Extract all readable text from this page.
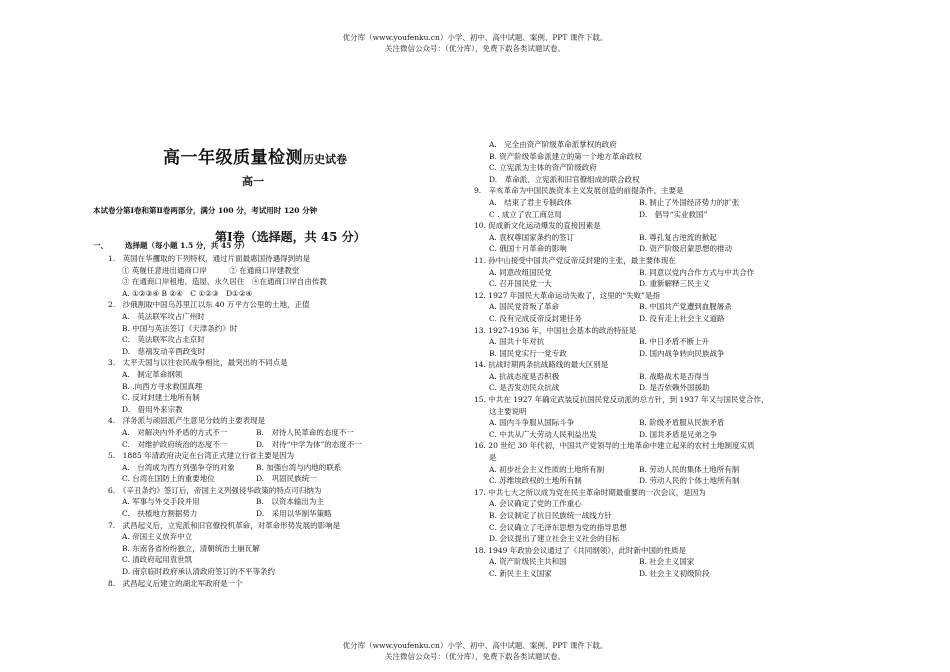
优分库（www.youfenku.cn）小学、初中、高中试题、案例、PPT 课件下载。
关注微信公众号：（优分库），免费下载各类试题试卷。
高一年级质量检测历史试卷
高一
本试卷分第Ⅰ卷和第Ⅱ卷两部分，满分 100 分，考试用时 120 分钟
第Ⅰ卷（选择题，共 45 分）
一、 选择题（每小题 1.5 分，共 45 分）
1.　英国在华攫取的下列特权，通过片面最惠国待遇得到的是
① 英舰任意进出通商口岸　　　② 在通商口岸建教堂
③ 在通商口岸租地、造屋、永久居住　④在通商口岸自由传教
A. ①②③④ B ②④　C ①②③　D①②④
2.　沙俄割取中国乌苏里江以东 40 万平方公里的土地，正值
A.　英法联军攻占广州时
B. 中国与英法签订《天津条约》时
C.　英法联军攻占北京时
D.　慈禧发动辛酉政变时
3.　太平天国与以往农民战争相比，最突出的不同点是
A.　制定革命纲领
B. .向西方寻求救国真理
C. 反对封建土地所有制
D.　借用外来宗教
4.　洋务派与顽固派产生意见分歧的主要表现是
A.　对解决内外矛盾的方式不一	B.　对待人民革命的态度不一
C.　对维护政府统治的态度不一	D.　对待“中学为体”的态度不一
5.　1885 年清政府决定在台湾正式建立行省主要是因为
A.　台湾成为西方列强争夺的对象	B. 加强台湾与内地的联系
C. 台湾在国防上的重要地位	D.　巩固民族统一
6.　《辛丑条约》签订后，帝国主义列强侵华政策的特点可归纳为
A. 军事与外交手段并用	B.　以资本输出为主
C.　扶植地方割据势力	D.　采用以华制华策略
7.　武昌起义后，立宪派和旧官僚投机革命，对革命形势发展的影响是
A. 帝国主义放弃中立
B. 东南各省纷纷独立，清朝统治土崩瓦解
C. 清政府起用袁世凯
D. 南京临时政府承认清政府签订的不平等条约
8.　武昌起义后建立的湖北军政府是一个
A.　完全由资产阶级革命派掌权的政府
B. 资产阶级革命派建立的第一个地方革命政权
C. 立宪派为主体的资产阶级政府
D.　革命派、立宪派和旧官僚组成的联合政权
9.　辛亥革命为中国民族资本主义发展创造的前提条件，主要是
A.　结束了君主专制政体	B. 制止了外国经济势力的扩张
C . 成立了农工商总局	D.　倡导“实业救国”
10. 促成新文化运动爆发的直接因素是
A. 袁权尊国家条约的签订	B. 尊孔复古逆流的掀起
C. 俄国十月革命的影响	D. 资产阶级启蒙思想的推动
11. 孙中山接受中国共产党反帝反封建的主张，最主要体现在
A. 同意改组国民党	B. 同意以党内合作方式与中共合作
C. 召开国民党一大	D. 重新解释三民主义
12. 1927 年国民大革命运动失败了，这里的“失败”是指
A. 国民党背叛了革命	B. 中国共产党遭到血腥屠杀
C. 没有完成反帝反封建任务	D. 没有走上社会主义道路
13. 1927-1936 年，中国社会基本的政治特征是
A. 国共十年对抗	B. 中日矛盾不断上升
B. 国民党实行一党专政	D. 国内战争转向民族战争
14. 抗战时期两条抗战路线的最大区别是
A. 抗战态度是否积极	B. 战略战术是否得当
C. 是否发动民众抗战	D. 是否依赖外国援助
15. 中共在 1927 年确定武装反抗国民党反动派的总方针，到 1937 年又与国民党合作，
这主要说明
A. 国内斗争服从国际斗争	B. 阶级矛盾服从民族矛盾
C. 中共从广大劳动人民利益出发	D. 国共矛盾是兄弟之争
16. 20 世纪 30 年代初，中国共产党领导的土地革命中建立起来的农村土地制度实质
是
A. 初步社会主义性质的土地所有制	B. 劳动人民的集体土地所有制
C. 苏维埃政权的土地所有制	D. 劳动人民的个体土地所有制
17. 中共七大之所以成为党在民主革命时期最重要的一次会议，是因为
A. 会议确定了党的工作重心
B. 会议制定了抗日民族统一战线方针
C. 会议确立了毛泽东思想为党的指导思想
D. 会议提出了建立社会主义社会的目标
18. 1949 年政协会议通过了《共同纲领》，此时新中国的性质是
A. 资产阶级民主共和国	B. 社会主义国家
C. 新民主主义国家	D. 社会主义初级阶段
优分库（www.youfenku.cn）小学、初中、高中试题、案例、PPT 课件下载。
关注微信公众号：（优分库），免费下载各类试题试卷。
